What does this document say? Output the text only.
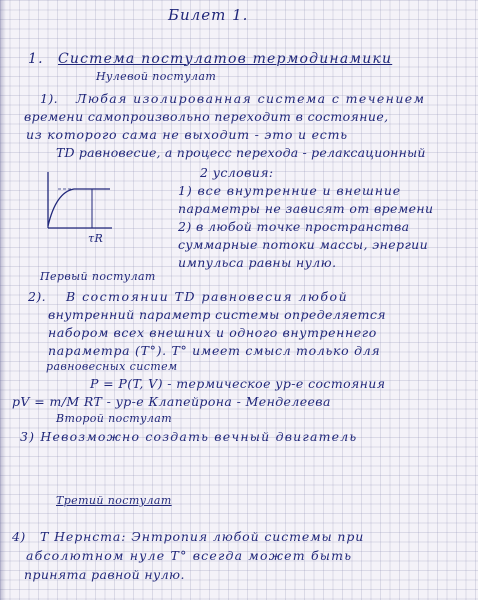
Билет 1.
1. Система постулатов термодинамики
Нулевой постулат
1). Любая изолированная система с течением
времени самопроизвольно переходит в состояние,
из которого сама не выходит - это и есть
TD равновесие, а процесс перехода - релаксационный
τR
2 условия:
1) все внутренние и внешние
параметры не зависят от времени
2) в любой точке пространства
суммарные потоки массы, энергии
импульса равны нулю.
Первый постулат
2). В состоянии TD равновесия любой
внутренний параметр системы определяется
набором всех внешних и одного внутреннего
параметра (T°). T° имеет смысл только для
равновесных систем
P = P(T, V) - термическое ур-е состояния
pV = m/M RT - ур-е Клапейрона - Менделеева
Второй постулат
3) Невозможно создать вечный двигатель
Третий постулат
4) Т Нернста: Энтропия любой системы при
абсолютном нуле T° всегда может быть
принята равной нулю.
